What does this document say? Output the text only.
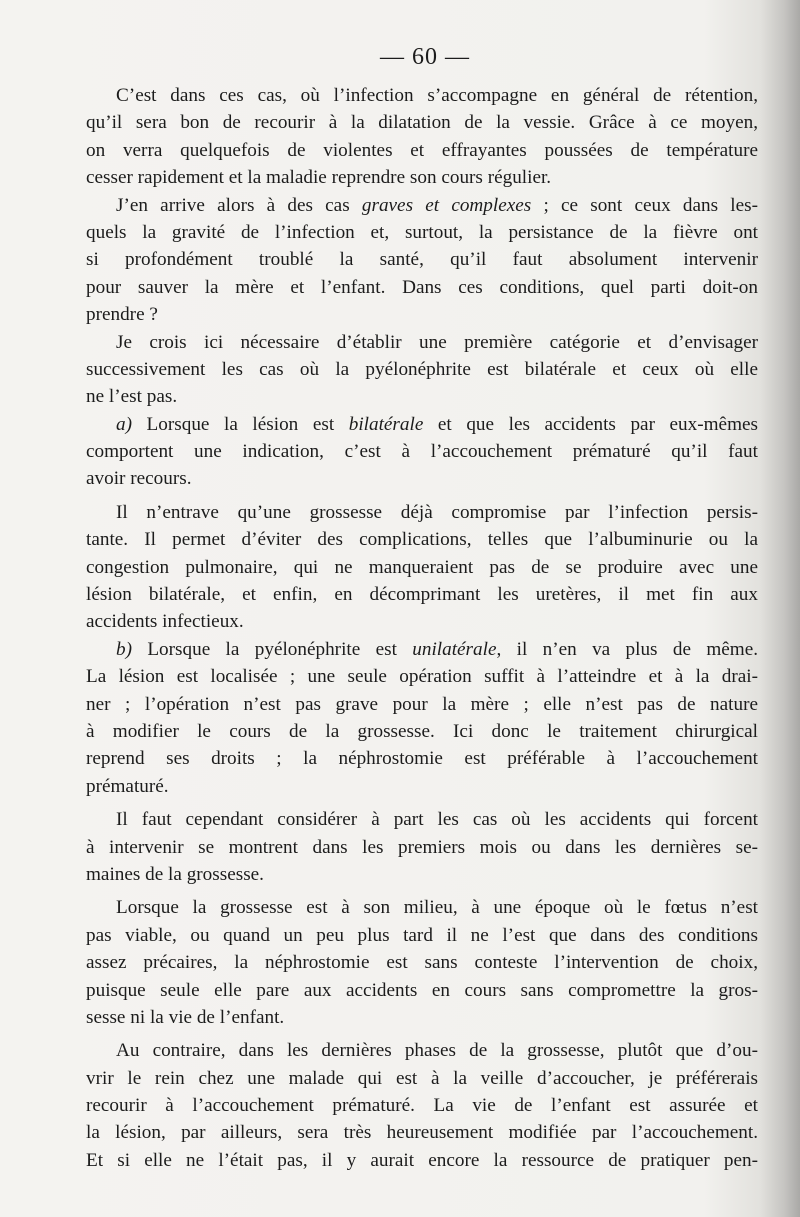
— 60 —
C’est dans ces cas, où l’infection s’accompagne en général de rétention,
qu’il sera bon de recourir à la dilatation de la vessie. Grâce à ce moyen,
on verra quelquefois de violentes et effrayantes poussées de température
cesser rapidement et la maladie reprendre son cours régulier.
J’en arrive alors à des cas graves et complexes ; ce sont ceux dans les-
quels la gravité de l’infection et, surtout, la persistance de la fièvre ont
si profondément troublé la santé, qu’il faut absolument intervenir
pour sauver la mère et l’enfant. Dans ces conditions, quel parti doit-on
prendre ?
Je crois ici nécessaire d’établir une première catégorie et d’envisager
successivement les cas où la pyélonéphrite est bilatérale et ceux où elle
ne l’est pas.
a) Lorsque la lésion est bilatérale et que les accidents par eux-mêmes
comportent une indication, c’est à l’accouchement prématuré qu’il faut
avoir recours.
Il n’entrave qu’une grossesse déjà compromise par l’infection persis-
tante. Il permet d’éviter des complications, telles que l’albuminurie ou la
congestion pulmonaire, qui ne manqueraient pas de se produire avec une
lésion bilatérale, et enfin, en décomprimant les uretères, il met fin aux
accidents infectieux.
b) Lorsque la pyélonéphrite est unilatérale, il n’en va plus de même.
La lésion est localisée ; une seule opération suffit à l’atteindre et à la drai-
ner ; l’opération n’est pas grave pour la mère ; elle n’est pas de nature
à modifier le cours de la grossesse. Ici donc le traitement chirurgical
reprend ses droits ; la néphrostomie est préférable à l’accouchement
prématuré.
Il faut cependant considérer à part les cas où les accidents qui forcent
à intervenir se montrent dans les premiers mois ou dans les dernières se-
maines de la grossesse.
Lorsque la grossesse est à son milieu, à une époque où le fœtus n’est
pas viable, ou quand un peu plus tard il ne l’est que dans des conditions
assez précaires, la néphrostomie est sans conteste l’intervention de choix,
puisque seule elle pare aux accidents en cours sans compromettre la gros-
sesse ni la vie de l’enfant.
Au contraire, dans les dernières phases de la grossesse, plutôt que d’ou-
vrir le rein chez une malade qui est à la veille d’accoucher, je préférerais
recourir à l’accouchement prématuré. La vie de l’enfant est assurée et
la lésion, par ailleurs, sera très heureusement modifiée par l’accouchement.
Et si elle ne l’était pas, il y aurait encore la ressource de pratiquer pen-
